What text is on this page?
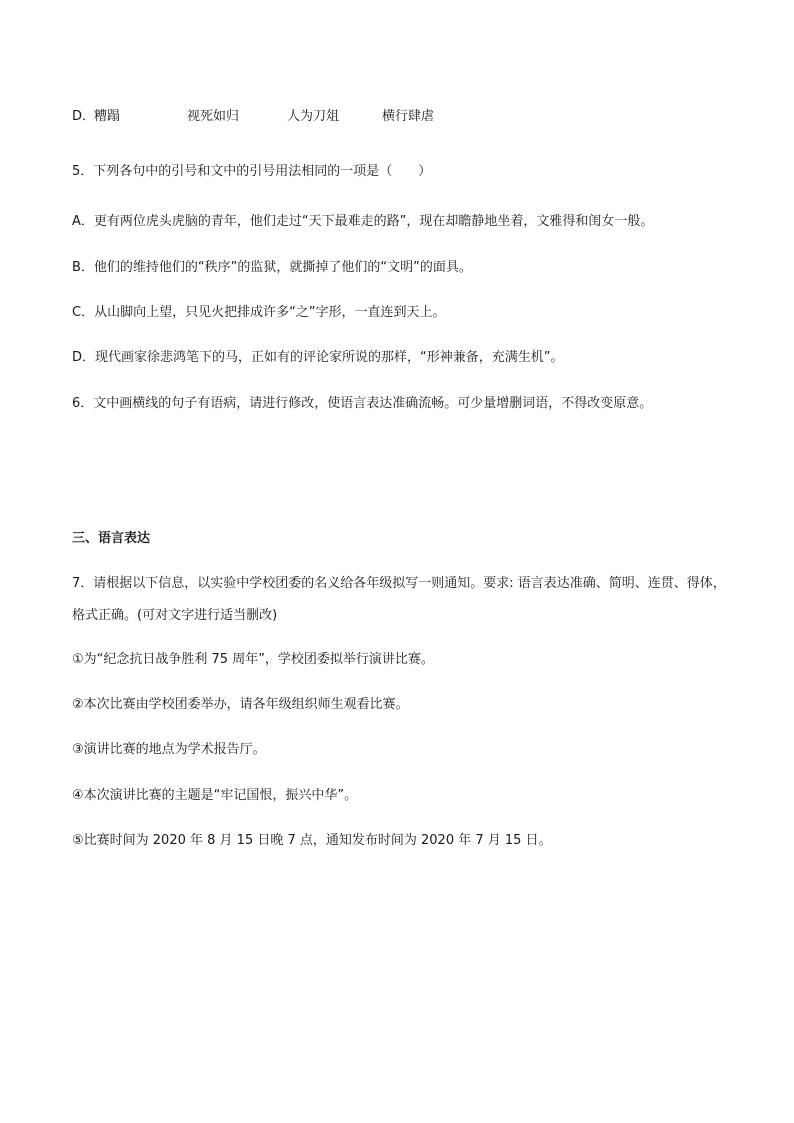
D．糟蹋	视死如归	人为刀俎	横行肆虐
5．下列各句中的引号和文中的引号用法相同的一项是（　　）
A．更有两位虎头虎脑的青年，他们走过“天下最难走的路”，现在却瞻静地坐着，文雅得和闺女一般。
B．他们的维持他们的“秩序”的监狱，就撕掉了他们的“文明”的面具。
C．从山脚向上望，只见火把排成许多“之”字形，一直连到天上。
D．现代画家徐悲鸿笔下的马，正如有的评论家所说的那样，“形神兼备，充满生机”。
6．文中画横线的句子有语病，请进行修改，使语言表达准确流畅。可少量增删词语，不得改变原意。
三、语言表达
7．请根据以下信息，以实验中学校团委的名义给各年级拟写一则通知。要求: 语言表达准确、简明、连贯、得体，格式正确。(可对文字进行适当删改)
①为“纪念抗日战争胜利 75 周年”，学校团委拟举行演讲比赛。
②本次比赛由学校团委举办，请各年级组织师生观看比赛。
③演讲比赛的地点为学术报告厅。
④本次演讲比赛的主题是“牢记国恨，振兴中华”。
⑤比赛时间为 2020 年 8 月 15 日晚 7 点，通知发布时间为 2020 年 7 月 15 日。
